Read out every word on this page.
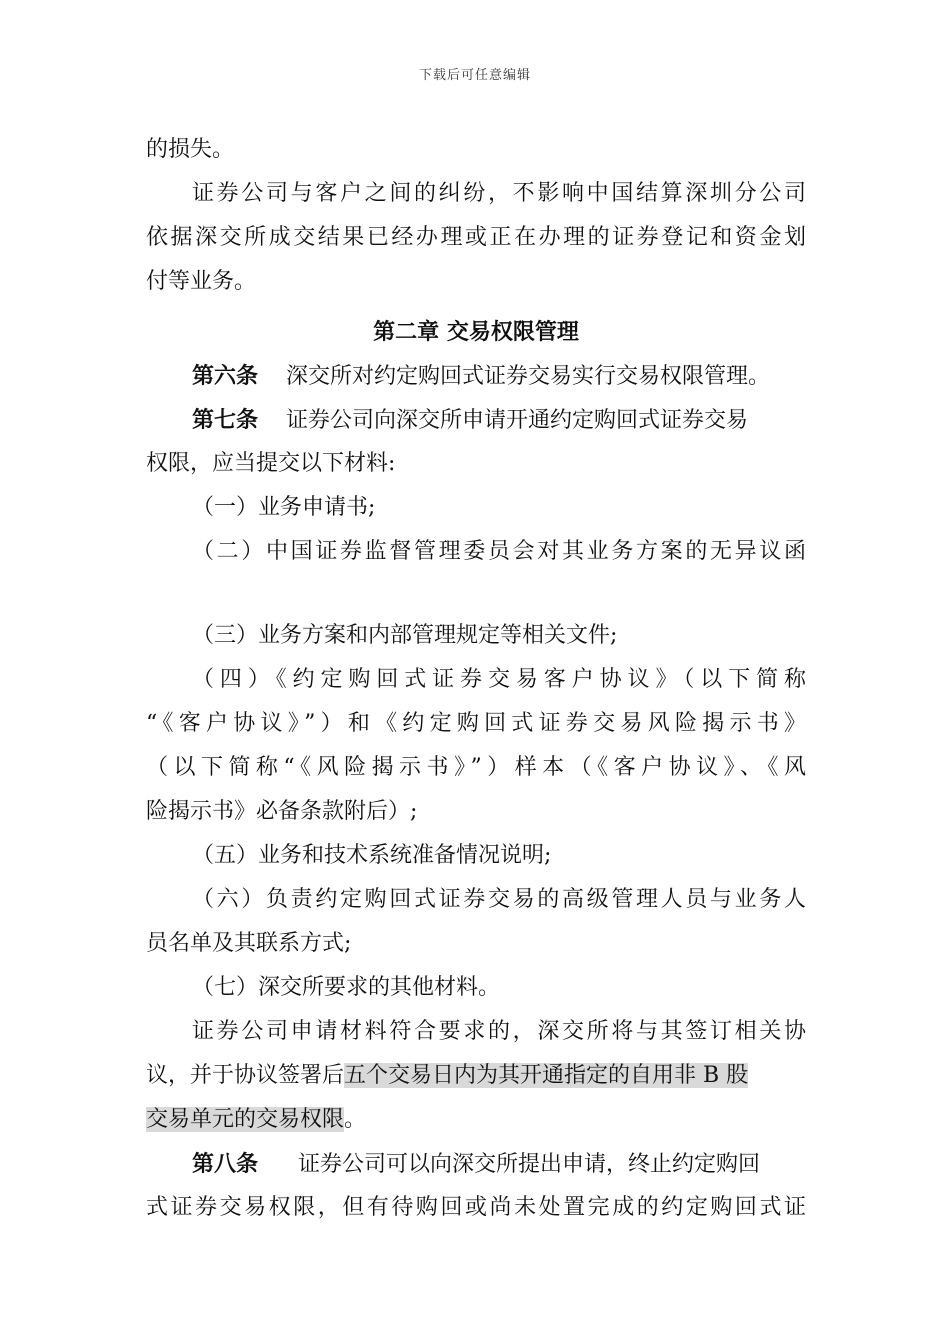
下载后可任意编辑
的损失。
证券公司与客户之间的纠纷，不影响中国结算深圳分公司
依据深交所成交结果已经办理或正在办理的证券登记和资金划
付等业务。
第二章 交易权限管理
第六条 深交所对约定购回式证券交易实行交易权限管理。
第七条 证券公司向深交所申请开通约定购回式证券交易
权限，应当提交以下材料:
（一）业务申请书;
（二）中国证券监督管理委员会对其业务方案的无异议函
（三）业务方案和内部管理规定等相关文件;
（四）《约定购回式证券交易客户协议》（以下简称
“《客户协议》”）和《约定购回式证券交易风险揭示书》
（以下简称“《风险揭示书》”）样本（《客户协议》、《风
险揭示书》必备条款附后）;
（五）业务和技术系统准备情况说明;
（六）负责约定购回式证券交易的高级管理人员与业务人
员名单及其联系方式;
（七）深交所要求的其他材料。
证券公司申请材料符合要求的，深交所将与其签订相关协
议，并于协议签署后五个交易日内为其开通指定的自用非 B 股
交易单元的交易权限。
第八条 证券公司可以向深交所提出申请，终止约定购回
式证券交易权限，但有待购回或尚未处置完成的约定购回式证
